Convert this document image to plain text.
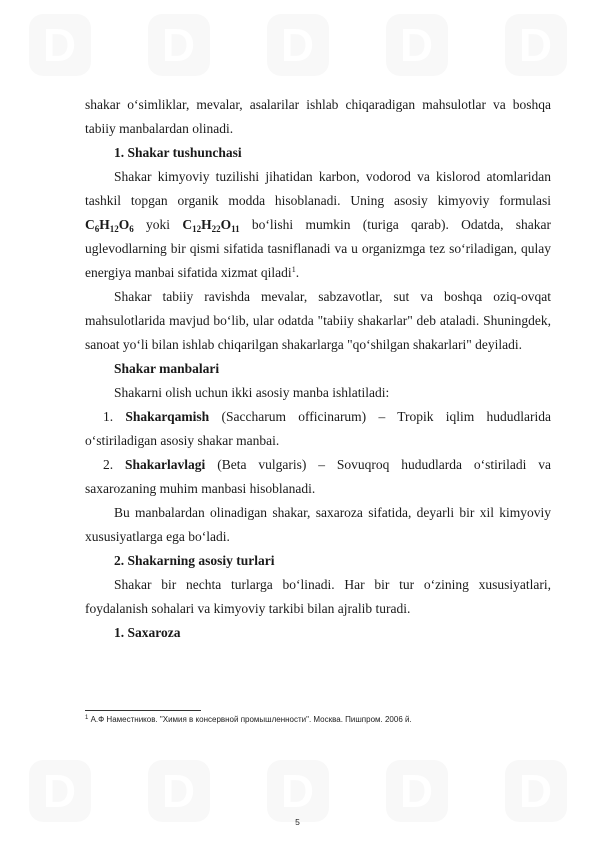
D	D	D	D	D
D	D	D	D	D

shakar o‘simliklar, mevalar, asalarilar ishlab chiqaradigan mahsulotlar va boshqa tabiiy manbalardan olinadi.

1. Shakar tushunchasi

Shakar kimyoviy tuzilishi jihatidan karbon, vodorod va kislorod atomlaridan tashkil topgan organik modda hisoblanadi. Uning asosiy kimyoviy formulasi $C_6H_{12}O_6$ yoki $C_{12}H_{22}O_{11}$ bo‘lishi mumkin (turiga qarab). Odatda, shakar uglevodlarning bir qismi sifatida tasniflanadi va u organizmga tez so‘riladigan, qulay energiya manbai sifatida xizmat qiladi$^1$.

Shakar tabiiy ravishda mevalar, sabzavotlar, sut va boshqa oziq-ovqat mahsulotlarida mavjud bo‘lib, ular odatda "tabiiy shakarlar" deb ataladi. Shuningdek, sanoat yo‘li bilan ishlab chiqarilgan shakarlarga "qo‘shilgan shakarlari" deyiladi.

Shakar manbalari

Shakarni olish uchun ikki asosiy manba ishlatiladi:

1. Shakarqamish (Saccharum officinarum) – Tropik iqlim hududlarida o‘stiriladigan asosiy shakar manbai.

2. Shakarlavlagi (Beta vulgaris) – Sovuqroq hududlarda o‘stiriladi va saxarozaning muhim manbasi hisoblanadi.

Bu manbalardan olinadigan shakar, saxaroza sifatida, deyarli bir xil kimyoviy xususiyatlarga ega bo‘ladi.

2. Shakarning asosiy turlari

Shakar bir nechta turlarga bo‘linadi. Har bir tur o‘zining xususiyatlari, foydalanish sohalari va kimyoviy tarkibi bilan ajralib turadi.

1. Saxaroza

$^1$ А.Ф Наместников. "Химия в консервной промышленности". Москва. Пишпром. 2006 й.
5
